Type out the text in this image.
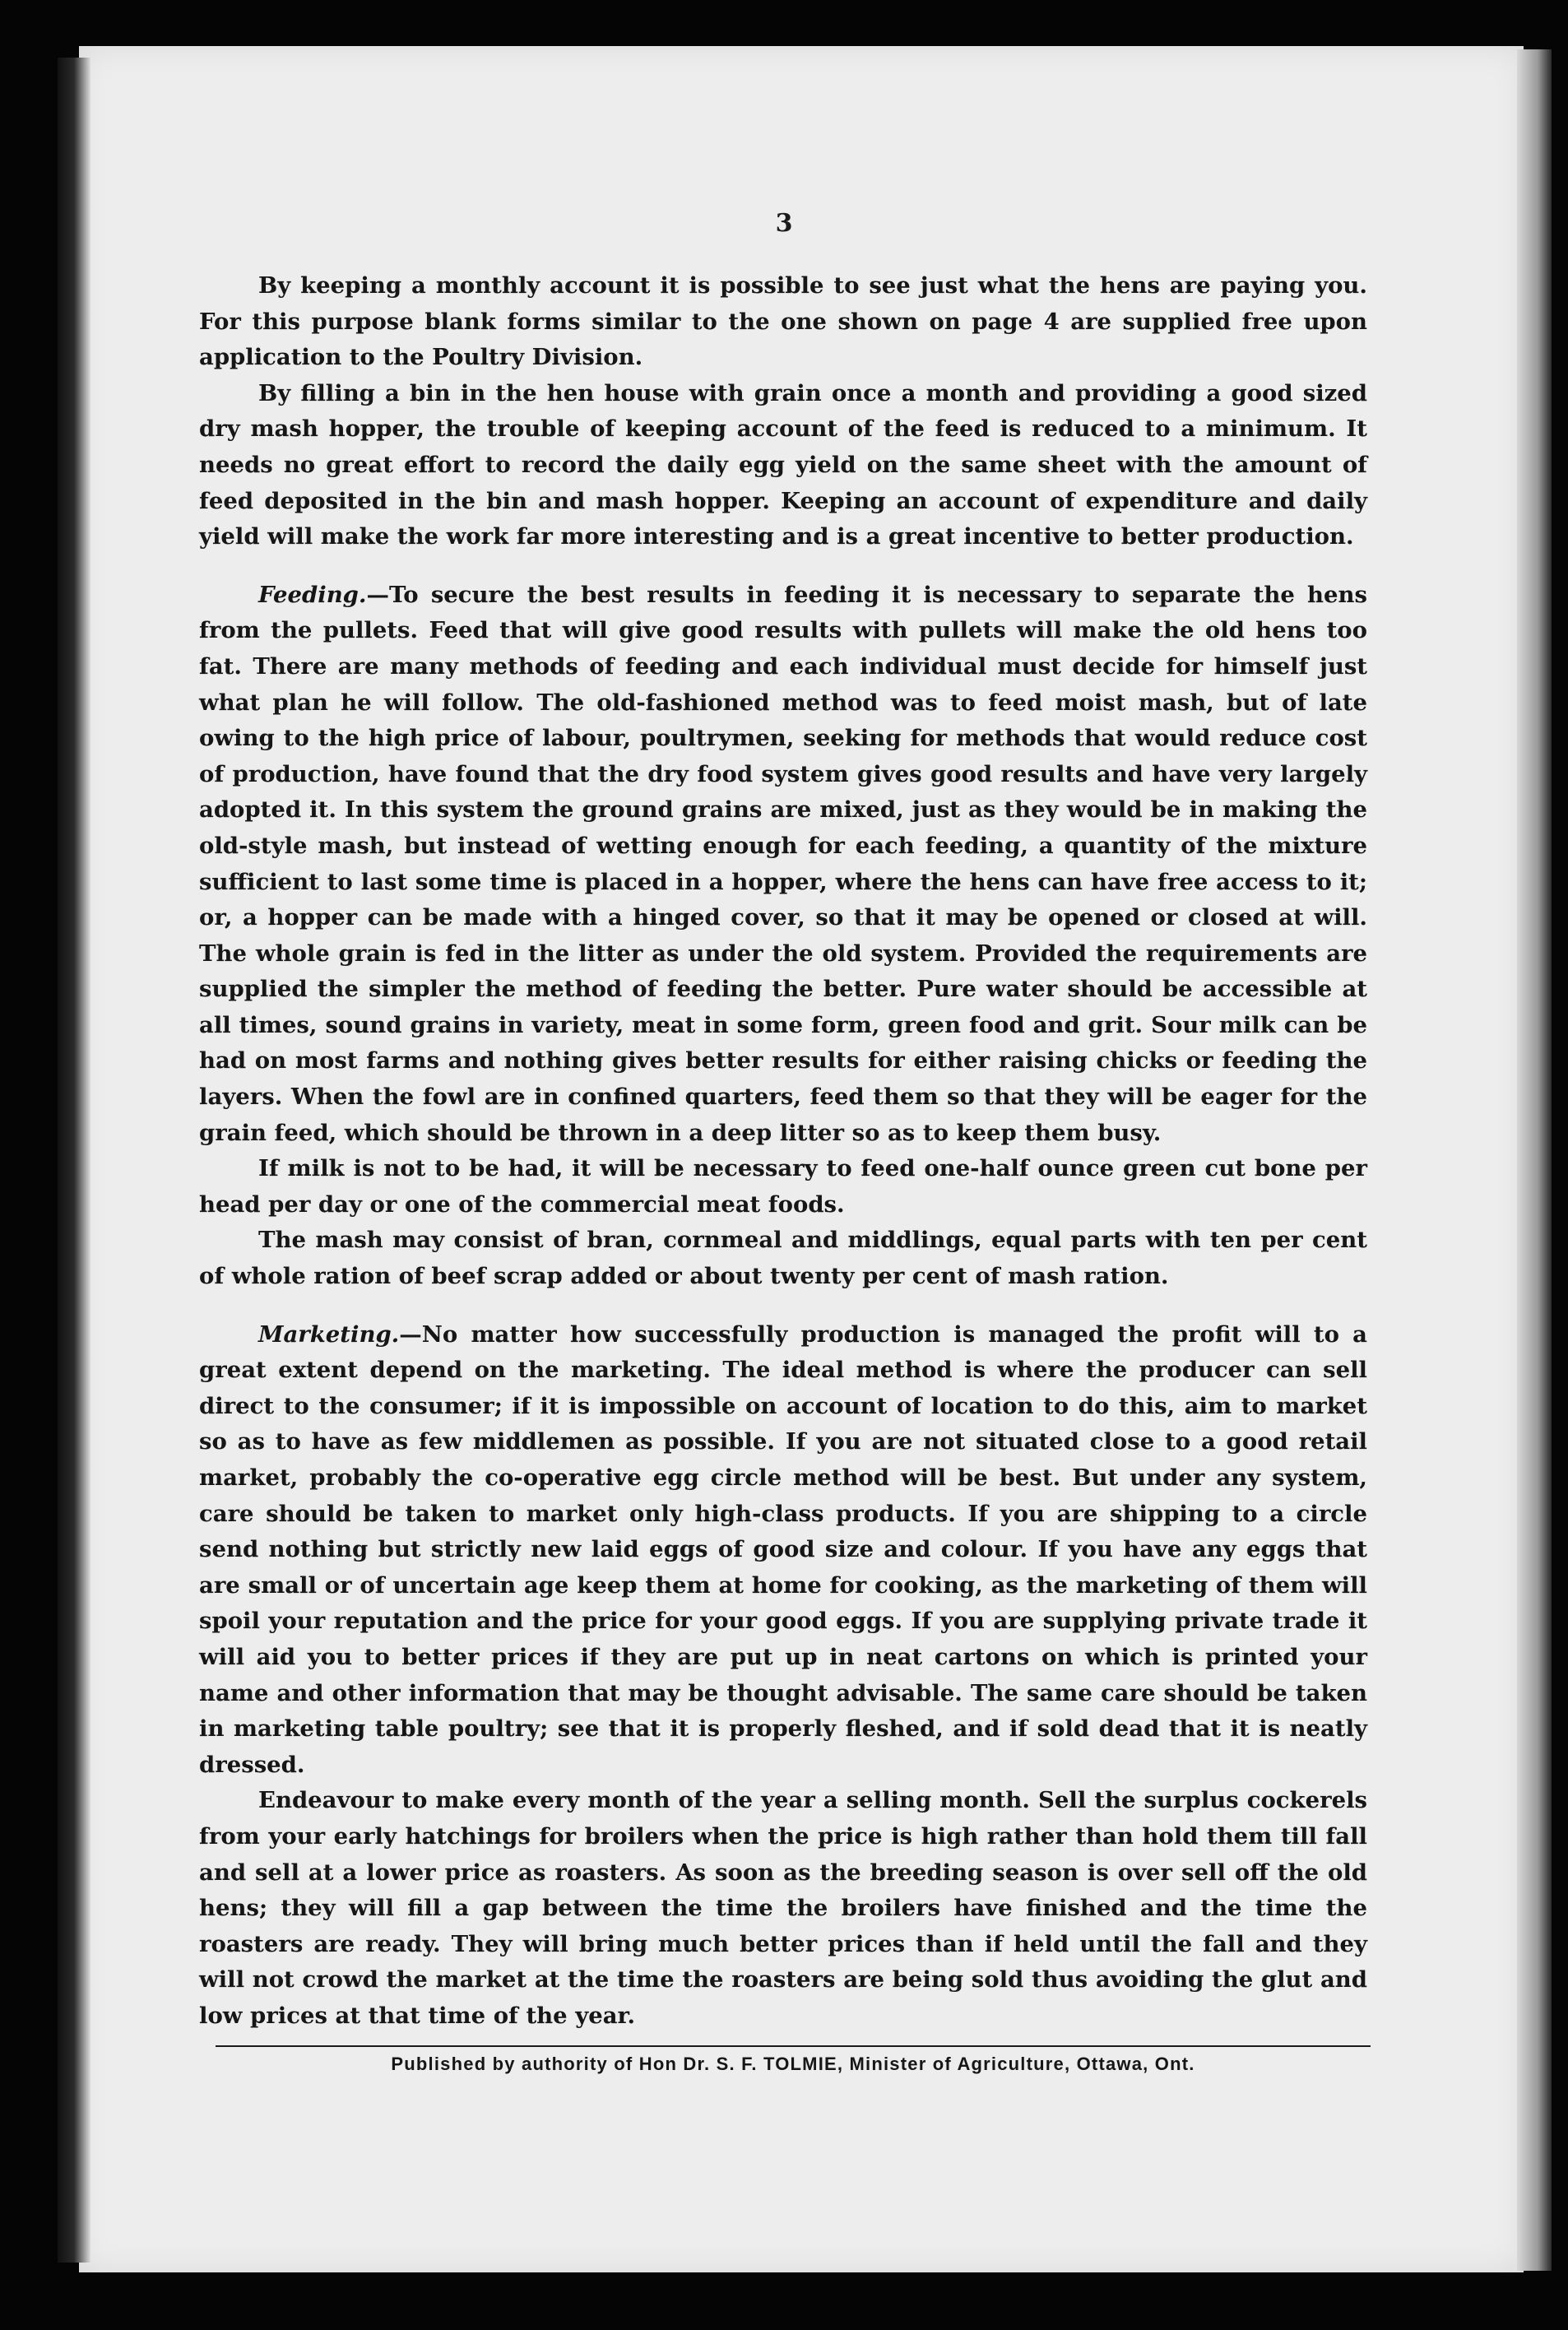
3

By keeping a monthly account it is possible to see just what the hens are paying you. For this purpose blank forms similar to the one shown on page 4 are supplied free upon application to the Poultry Division.

By filling a bin in the hen house with grain once a month and providing a good sized dry mash hopper, the trouble of keeping account of the feed is reduced to a minimum. It needs no great effort to record the daily egg yield on the same sheet with the amount of feed deposited in the bin and mash hopper. Keeping an account of expenditure and daily yield will make the work far more interesting and is a great incentive to better production.

Feeding.—To secure the best results in feeding it is necessary to separate the hens from the pullets. Feed that will give good results with pullets will make the old hens too fat. There are many methods of feeding and each individual must decide for himself just what plan he will follow. The old-fashioned method was to feed moist mash, but of late owing to the high price of labour, poultrymen, seeking for methods that would reduce cost of production, have found that the dry food system gives good results and have very largely adopted it. In this system the ground grains are mixed, just as they would be in making the old-style mash, but instead of wetting enough for each feeding, a quantity of the mixture sufficient to last some time is placed in a hopper, where the hens can have free access to it; or, a hopper can be made with a hinged cover, so that it may be opened or closed at will. The whole grain is fed in the litter as under the old system. Provided the requirements are supplied the simpler the method of feeding the better. Pure water should be accessible at all times, sound grains in variety, meat in some form, green food and grit. Sour milk can be had on most farms and nothing gives better results for either raising chicks or feeding the layers. When the fowl are in confined quarters, feed them so that they will be eager for the grain feed, which should be thrown in a deep litter so as to keep them busy.

If milk is not to be had, it will be necessary to feed one-half ounce green cut bone per head per day or one of the commercial meat foods.

The mash may consist of bran, cornmeal and middlings, equal parts with ten per cent of whole ration of beef scrap added or about twenty per cent of mash ration.

Marketing.—No matter how successfully production is managed the profit will to a great extent depend on the marketing. The ideal method is where the producer can sell direct to the consumer; if it is impossible on account of location to do this, aim to market so as to have as few middlemen as possible. If you are not situated close to a good retail market, probably the co-operative egg circle method will be best. But under any system, care should be taken to market only high-class products. If you are shipping to a circle send nothing but strictly new laid eggs of good size and colour. If you have any eggs that are small or of uncertain age keep them at home for cooking, as the marketing of them will spoil your reputation and the price for your good eggs. If you are supplying private trade it will aid you to better prices if they are put up in neat cartons on which is printed your name and other information that may be thought advisable. The same care should be taken in marketing table poultry; see that it is properly fleshed, and if sold dead that it is neatly dressed.

Endeavour to make every month of the year a selling month. Sell the surplus cockerels from your early hatchings for broilers when the price is high rather than hold them till fall and sell at a lower price as roasters. As soon as the breeding season is over sell off the old hens; they will fill a gap between the time the broilers have finished and the time the roasters are ready. They will bring much better prices than if held until the fall and they will not crowd the market at the time the roasters are being sold thus avoiding the glut and low prices at that time of the year.

Published by authority of Hon Dr. S. F. TOLMIE, Minister of Agriculture, Ottawa, Ont.
